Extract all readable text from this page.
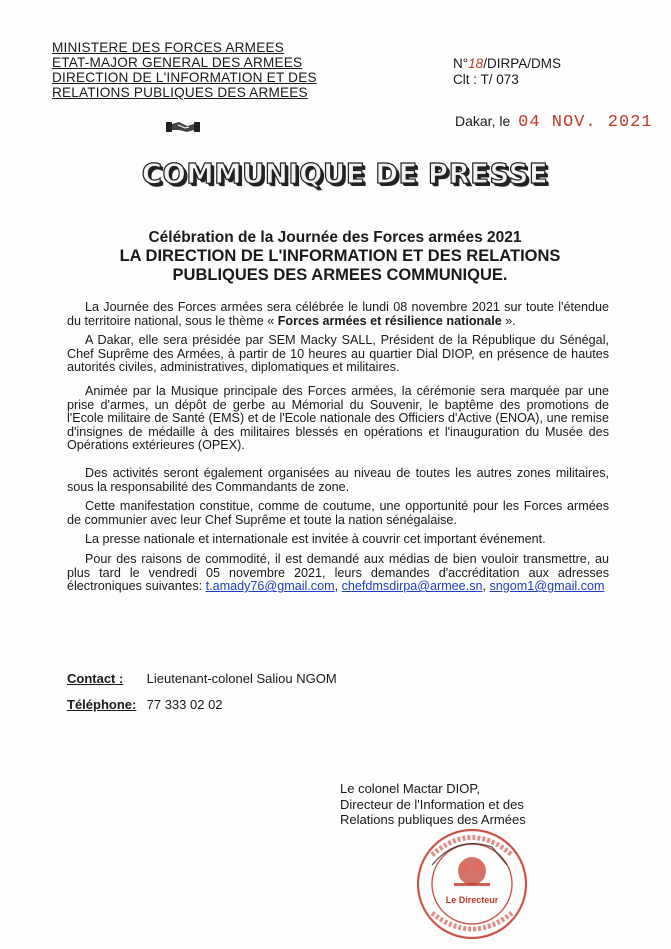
MINISTERE DES FORCES ARMEES
ETAT-MAJOR GENERAL DES ARMEES
DIRECTION DE L'INFORMATION ET DES
RELATIONS PUBLIQUES DES ARMEES
N°18/DIRPA/DMS
Clt : T/ 073
Dakar, le 04 NOV. 2021
COMMUNIQUE DE PRESSE
Célébration de la Journée des Forces armées 2021
LA DIRECTION DE L'INFORMATION ET DES RELATIONS PUBLIQUES DES ARMEES COMMUNIQUE.

La Journée des Forces armées sera célébrée le lundi 08 novembre 2021 sur toute l'étendue du territoire national, sous le thème « Forces armées et résilience nationale ».

A Dakar, elle sera présidée par SEM Macky SALL, Président de la République du Sénégal, Chef Suprême des Armées, à partir de 10 heures au quartier Dial DIOP, en présence de hautes autorités civiles, administratives, diplomatiques et militaires.

Animée par la Musique principale des Forces armées, la cérémonie sera marquée par une prise d'armes, un dépôt de gerbe au Mémorial du Souvenir, le baptême des promotions de l'Ecole militaire de Santé (EMS) et de l'Ecole nationale des Officiers d'Active (ENOA), une remise d'insignes de médaille à des militaires blessés en opérations et l'inauguration du Musée des Opérations extérieures (OPEX).

Des activités seront également organisées au niveau de toutes les autres zones militaires, sous la responsabilité des Commandants de zone.

Cette manifestation constitue, comme de coutume, une opportunité pour les Forces armées de communier avec leur Chef Suprême et toute la nation sénégalaise.

La presse nationale et internationale est invitée à couvrir cet important événement.

Pour des raisons de commodité, il est demandé aux médias de bien vouloir transmettre, au plus tard le vendredi 05 novembre 2021, leurs demandes d'accréditation aux adresses électroniques suivantes: t.amady76@gmail.com, chefdmsdirpa@armee.sn, sngom1@gmail.com

Contact : Lieutenant-colonel Saliou NGOM
Téléphone: 77 333 02 02
Le colonel Mactar DIOP,
Directeur de l'Information et des
Relations publiques des Armées
Le Directeur
